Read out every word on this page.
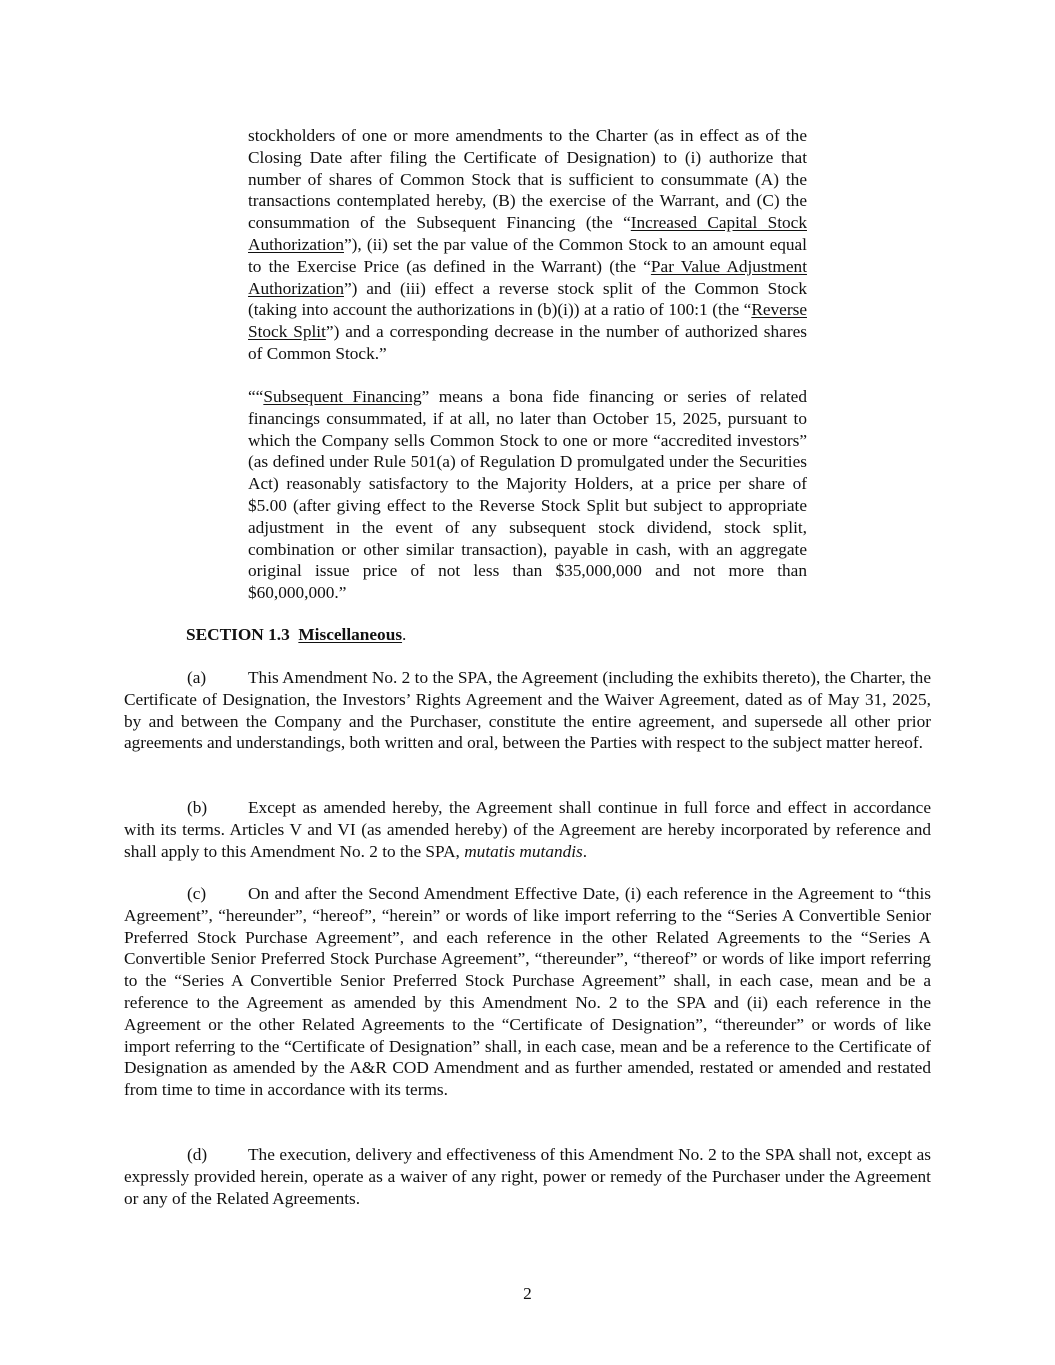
stockholders of one or more amendments to the Charter (as in effect as of the Closing Date after filing the Certificate of Designation) to (i) authorize that number of shares of Common Stock that is sufficient to consummate (A) the transactions contemplated hereby, (B) the exercise of the Warrant, and (C) the consummation of the Subsequent Financing (the “Increased Capital Stock Authorization”), (ii) set the par value of the Common Stock to an amount equal to the Exercise Price (as defined in the Warrant) (the “Par Value Adjustment Authorization”) and (iii) effect a reverse stock split of the Common Stock (taking into account the authorizations in (b)(i)) at a ratio of 100:1 (the “Reverse Stock Split”) and a corresponding decrease in the number of authorized shares of Common Stock.”

““Subsequent Financing” means a bona fide financing or series of related financings consummated, if at all, no later than October 15, 2025, pursuant to which the Company sells Common Stock to one or more “accredited investors” (as defined under Rule 501(a) of Regulation D promulgated under the Securities Act) reasonably satisfactory to the Majority Holders, at a price per share of $5.00 (after giving effect to the Reverse Stock Split but subject to appropriate adjustment in the event of any subsequent stock dividend, stock split, combination or other similar transaction), payable in cash, with an aggregate original issue price of not less than $35,000,000 and not more than $60,000,000.”

SECTION 1.3 Miscellaneous.

(a) This Amendment No. 2 to the SPA, the Agreement (including the exhibits thereto), the Charter, the Certificate of Designation, the Investors’ Rights Agreement and the Waiver Agreement, dated as of May 31, 2025, by and between the Company and the Purchaser, constitute the entire agreement, and supersede all other prior agreements and understandings, both written and oral, between the Parties with respect to the subject matter hereof.

(b) Except as amended hereby, the Agreement shall continue in full force and effect in accordance with its terms. Articles V and VI (as amended hereby) of the Agreement are hereby incorporated by reference and shall apply to this Amendment No. 2 to the SPA, mutatis mutandis.

(c) On and after the Second Amendment Effective Date, (i) each reference in the Agreement to “this Agreement”, “hereunder”, “hereof”, “herein” or words of like import referring to the “Series A Convertible Senior Preferred Stock Purchase Agreement”, and each reference in the other Related Agreements to the “Series A Convertible Senior Preferred Stock Purchase Agreement”, “thereunder”, “thereof” or words of like import referring to the “Series A Convertible Senior Preferred Stock Purchase Agreement” shall, in each case, mean and be a reference to the Agreement as amended by this Amendment No. 2 to the SPA and (ii) each reference in the Agreement or the other Related Agreements to the “Certificate of Designation”, “thereunder” or words of like import referring to the “Certificate of Designation” shall, in each case, mean and be a reference to the Certificate of Designation as amended by the A&R COD Amendment and as further amended, restated or amended and restated from time to time in accordance with its terms.

(d) The execution, delivery and effectiveness of this Amendment No. 2 to the SPA shall not, except as expressly provided herein, operate as a waiver of any right, power or remedy of the Purchaser under the Agreement or any of the Related Agreements.

2
